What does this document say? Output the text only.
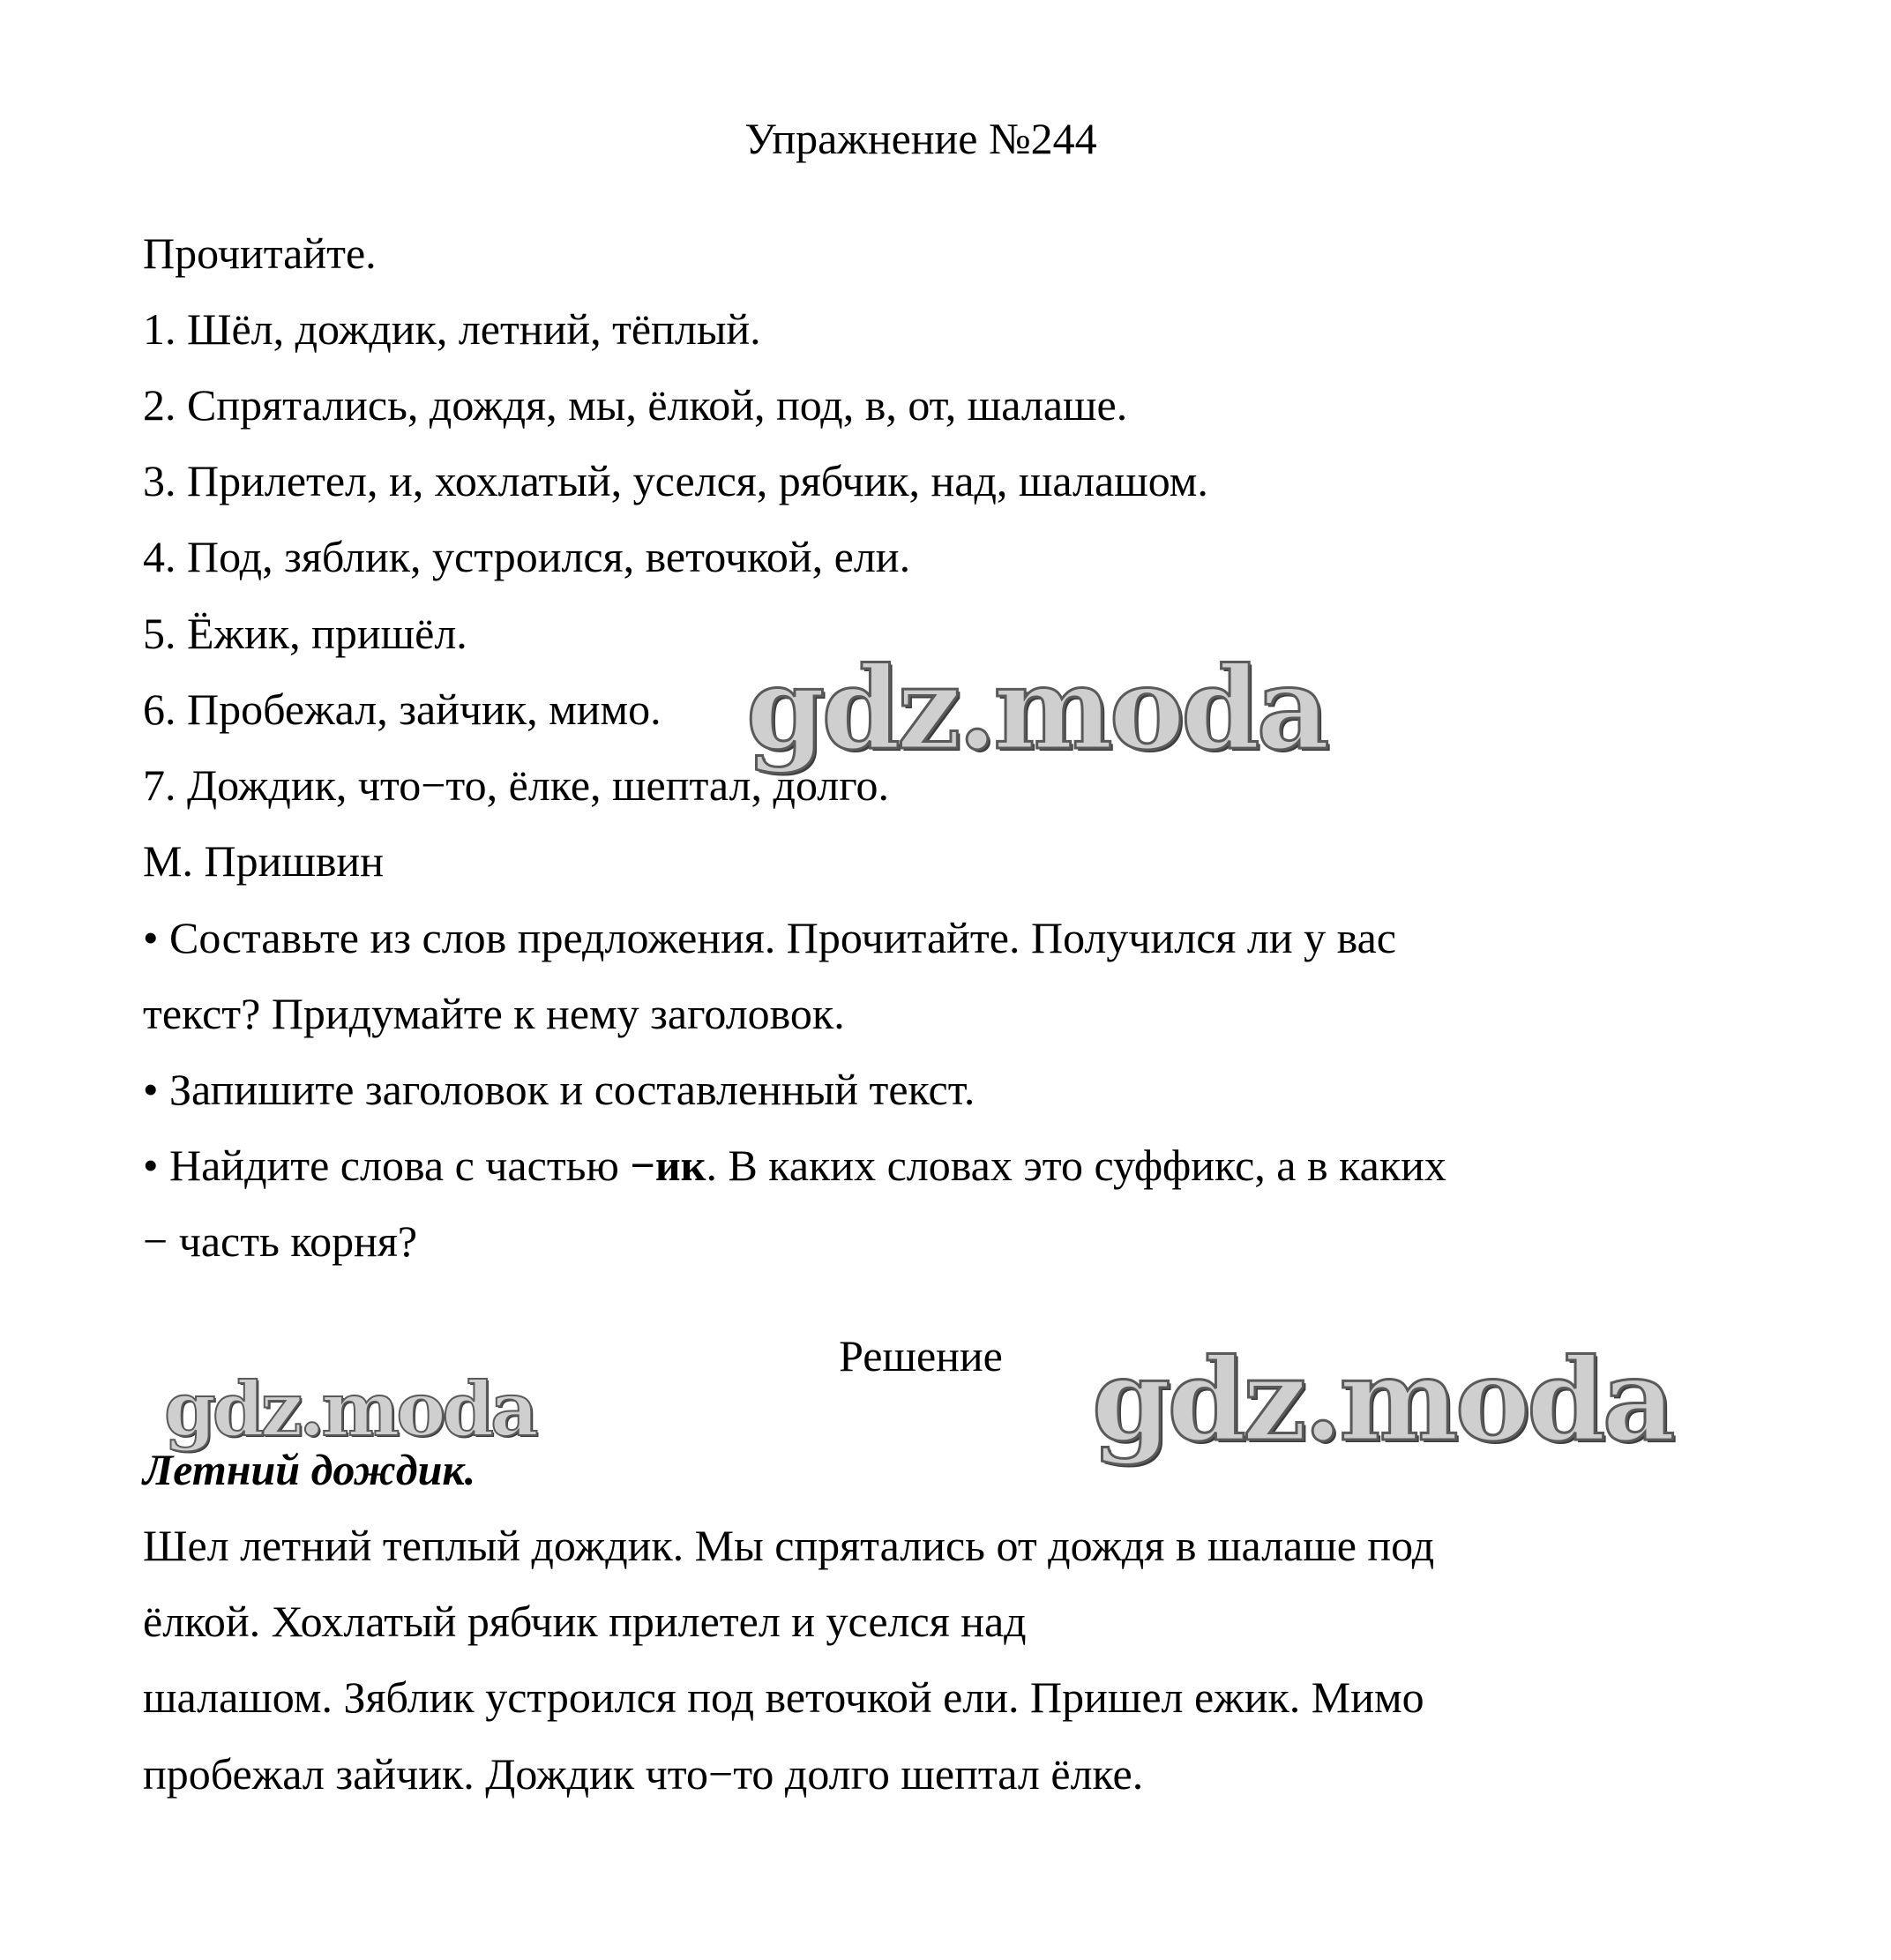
Упражнение №244
Прочитайте.
1. Шёл, дождик, летний, тёплый.
2. Спрятались, дождя, мы, ёлкой, под, в, от, шалаше.
3. Прилетел, и, хохлатый, уселся, рябчик, над, шалашом.
4. Под, зяблик, устроился, веточкой, ели.
5. Ёжик, пришёл.
6. Пробежал, зайчик, мимо.
7. Дождик, что−то, ёлке, шептал, долго.
М. Пришвин
• Составьте из слов предложения. Прочитайте. Получился ли у вас
текст? Придумайте к нему заголовок.
• Запишите заголовок и составленный текст.
• Найдите слова с частью −ик. В каких словах это суффикс, а в каких
− часть корня?
Решение
Летний дождик.
Шел летний теплый дождик. Мы спрятались от дождя в шалаше под
ёлкой. Хохлатый рябчик прилетел и уселся над
шалашом. Зяблик устроился под веточкой ели. Пришел ежик. Мимо
пробежал зайчик. Дождик что−то долго шептал ёлке.
gdz.moda
gdz.moda	gdz.moda
